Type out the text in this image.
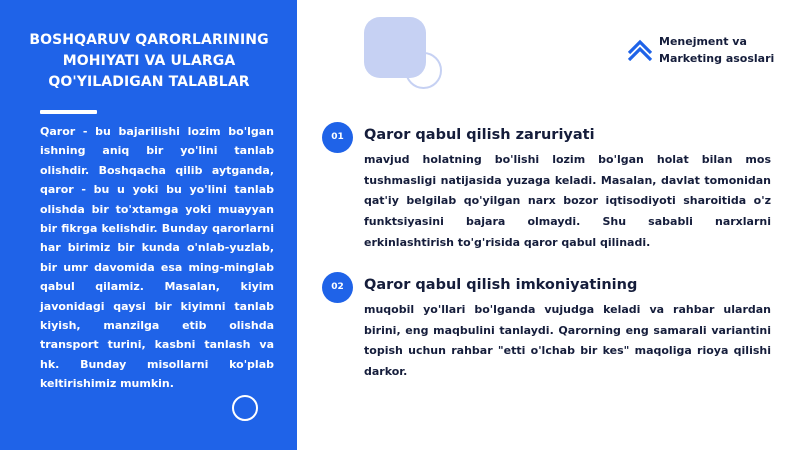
BOSHQARUV QARORLARINING MOHIYATI VA ULARGA QO'YILADIGAN TALABLAR

Qaror - bu bajarilishi lozim bo'lgan ishning aniq bir yo'lini tanlab olishdir. Boshqacha qilib aytganda, qaror - bu u yoki bu yo'lini tanlab olishda bir to'xtamga yoki muayyan bir fikrga kelishdir. Bunday qarorlarni har birimiz bir kunda o'nlab-yuzlab, bir umr davomida esa ming-minglab qabul qilamiz. Masalan, kiyim javonidagi qaysi bir kiyimni tanlab kiyish, manzilga etib olishda transport turini, kasbni tanlash va hk. Bunday misollarni ko'plab keltirishimiz mumkin.

Menejment va Marketing asoslari

01	Qaror qabul qilish zaruriyati

mavjud holatning bo'lishi lozim bo'lgan holat bilan mos tushmasligi natijasida yuzaga keladi. Masalan, davlat tomonidan qat'iy belgilab qo'yilgan narx bozor iqtisodiyoti sharoitida o'z funktsiyasini bajara olmaydi. Shu sababli narxlarni erkinlashtirish to'g'risida qaror qabul qilinadi.

02	Qaror qabul qilish imkoniyatining

muqobil yo'llari bo'lganda vujudga keladi va rahbar ulardan birini, eng maqbulini tanlaydi. Qarorning eng samarali variantini topish uchun rahbar "etti o'lchab bir kes" maqoliga rioya qilishi darkor.
